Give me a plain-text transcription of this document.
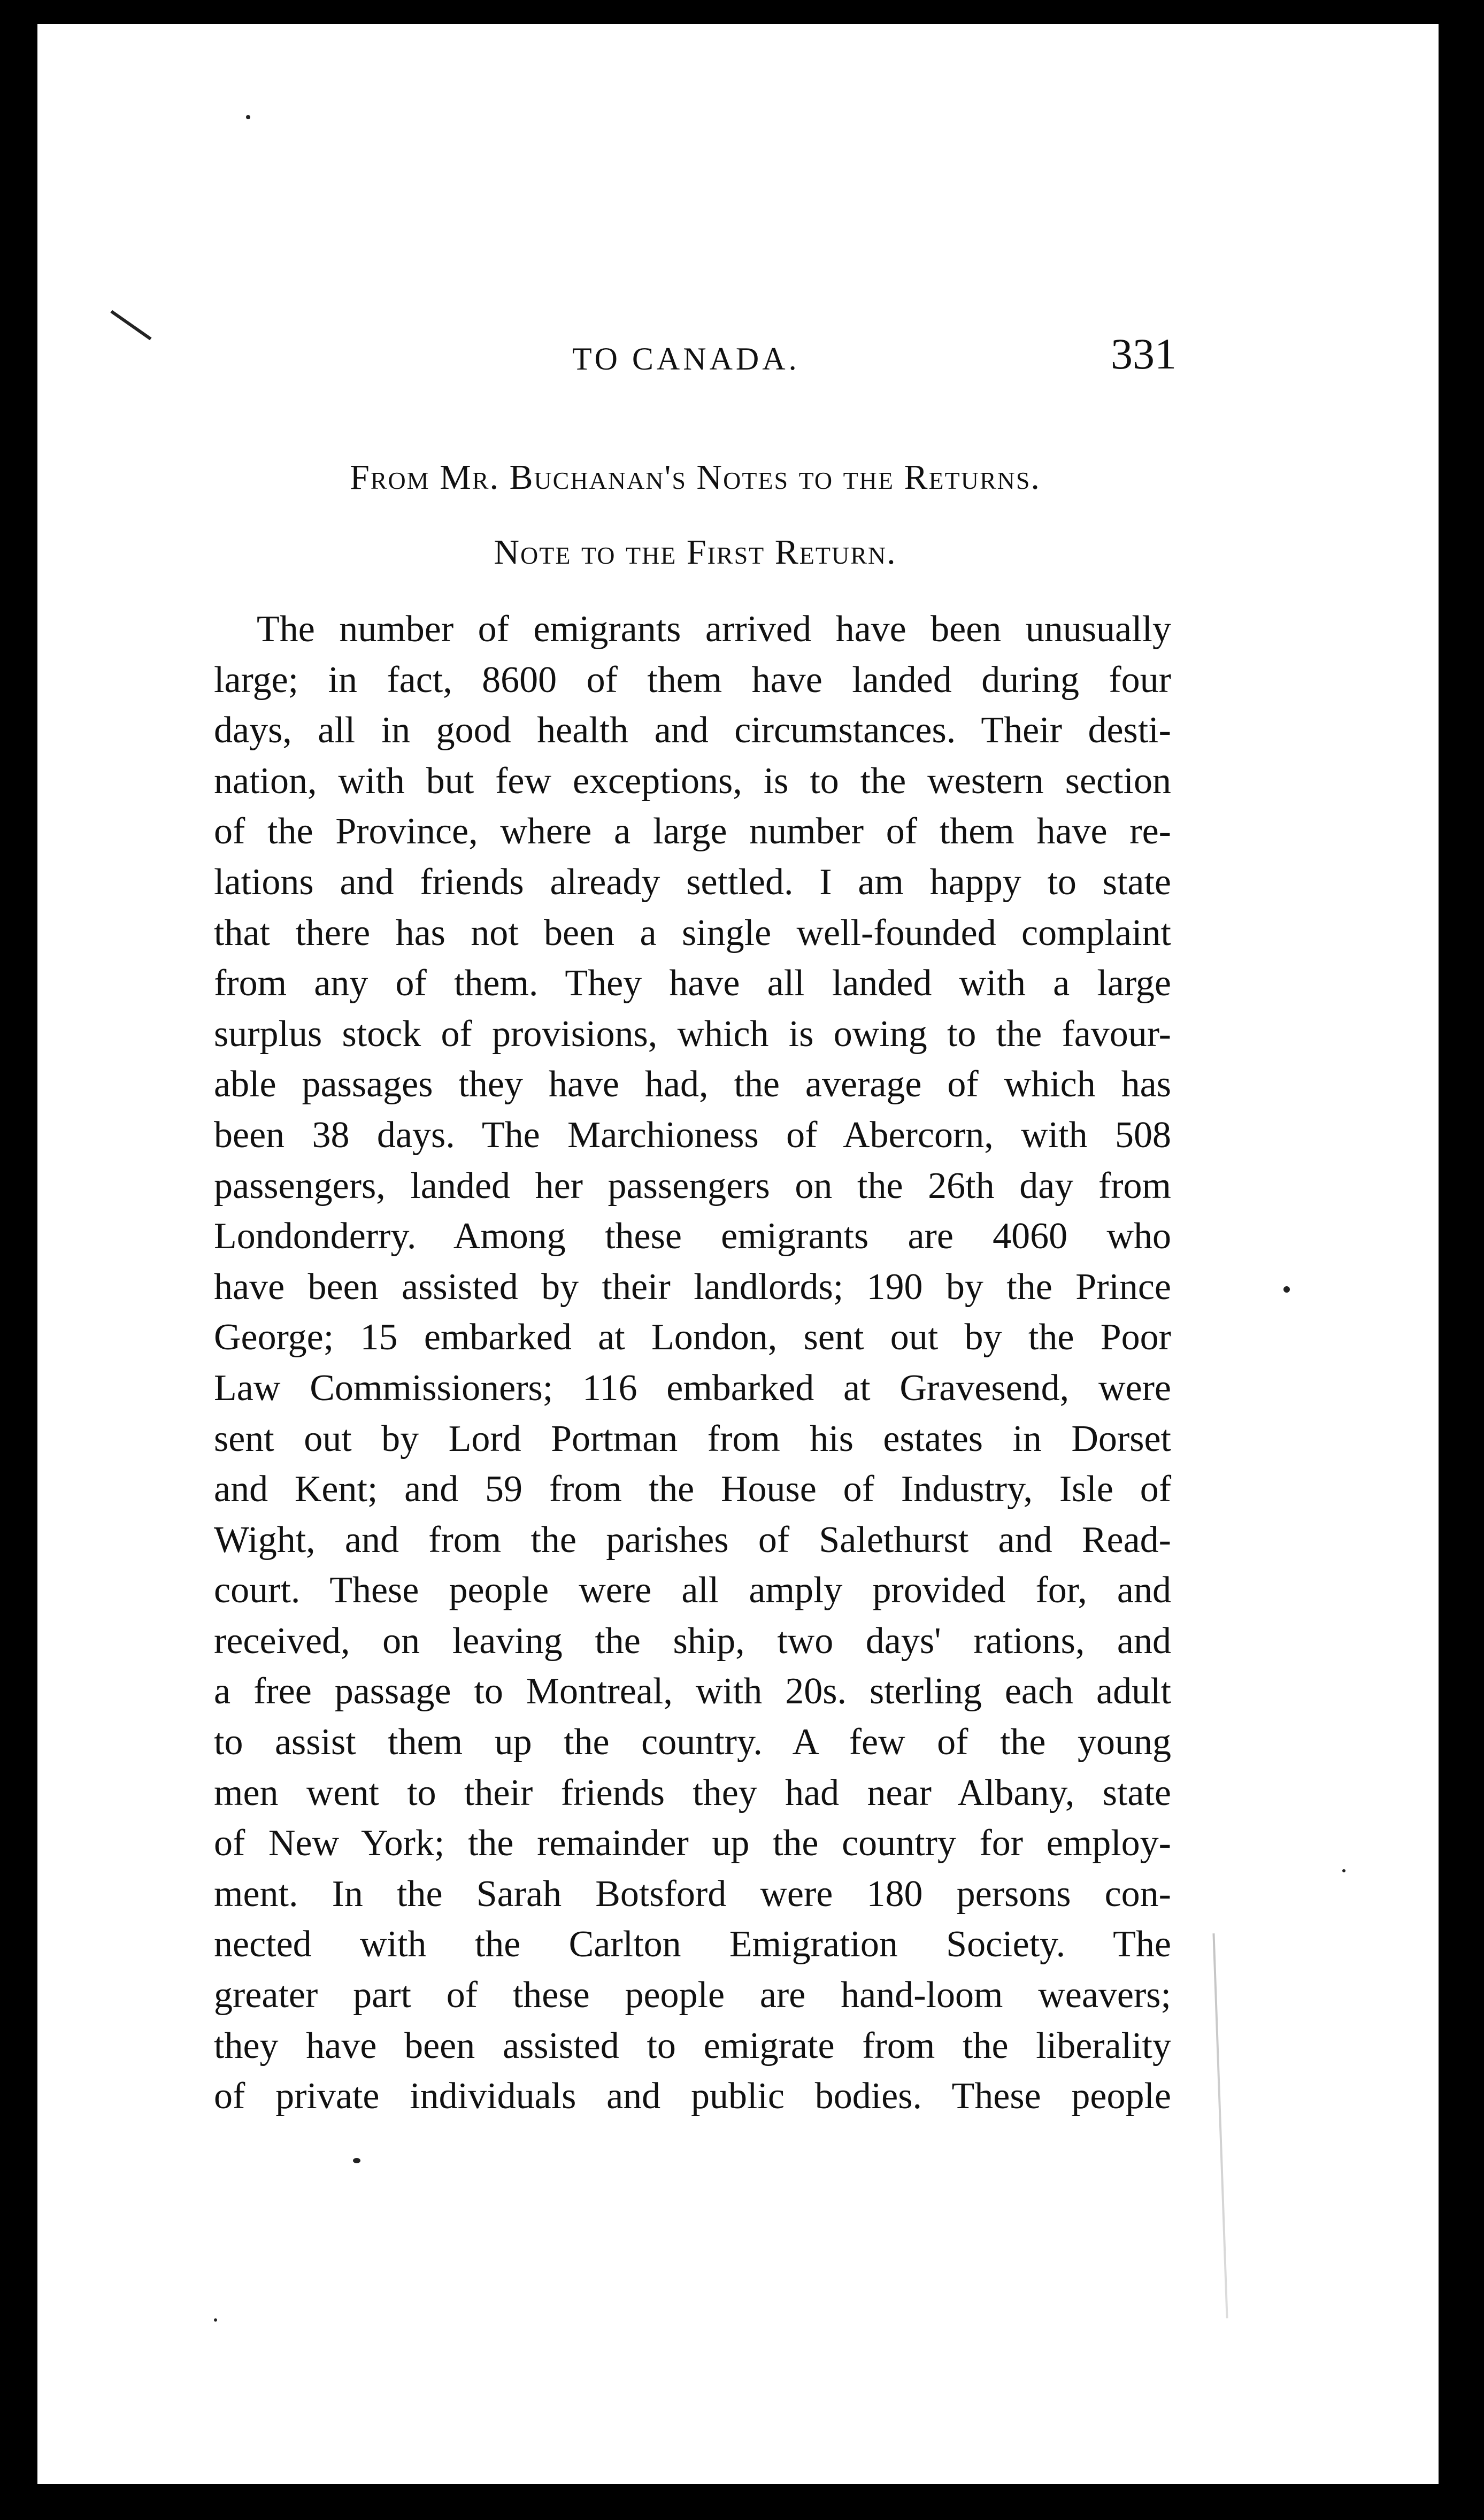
TO CANADA.	331
From Mr. Buchanan's Notes to the Returns.
Note to the First Return.
The number of emigrants arrived have been unusually
large; in fact, 8600 of them have landed during four
days, all in good health and circumstances. Their desti-
nation, with but few exceptions, is to the western section
of the Province, where a large number of them have re-
lations and friends already settled. I am happy to state
that there has not been a single well-founded complaint
from any of them. They have all landed with a large
surplus stock of provisions, which is owing to the favour-
able passages they have had, the average of which has
been 38 days. The Marchioness of Abercorn, with 508
passengers, landed her passengers on the 26th day from
Londonderry. Among these emigrants are 4060 who
have been assisted by their landlords; 190 by the Prince
George; 15 embarked at London, sent out by the Poor
Law Commissioners; 116 embarked at Gravesend, were
sent out by Lord Portman from his estates in Dorset
and Kent; and 59 from the House of Industry, Isle of
Wight, and from the parishes of Salethurst and Read-
court. These people were all amply provided for, and
received, on leaving the ship, two days' rations, and
a free passage to Montreal, with 20s. sterling each adult
to assist them up the country. A few of the young
men went to their friends they had near Albany, state
of New York; the remainder up the country for employ-
ment. In the Sarah Botsford were 180 persons con-
nected with the Carlton Emigration Society. The
greater part of these people are hand-loom weavers;
they have been assisted to emigrate from the liberality
of private individuals and public bodies. These people
